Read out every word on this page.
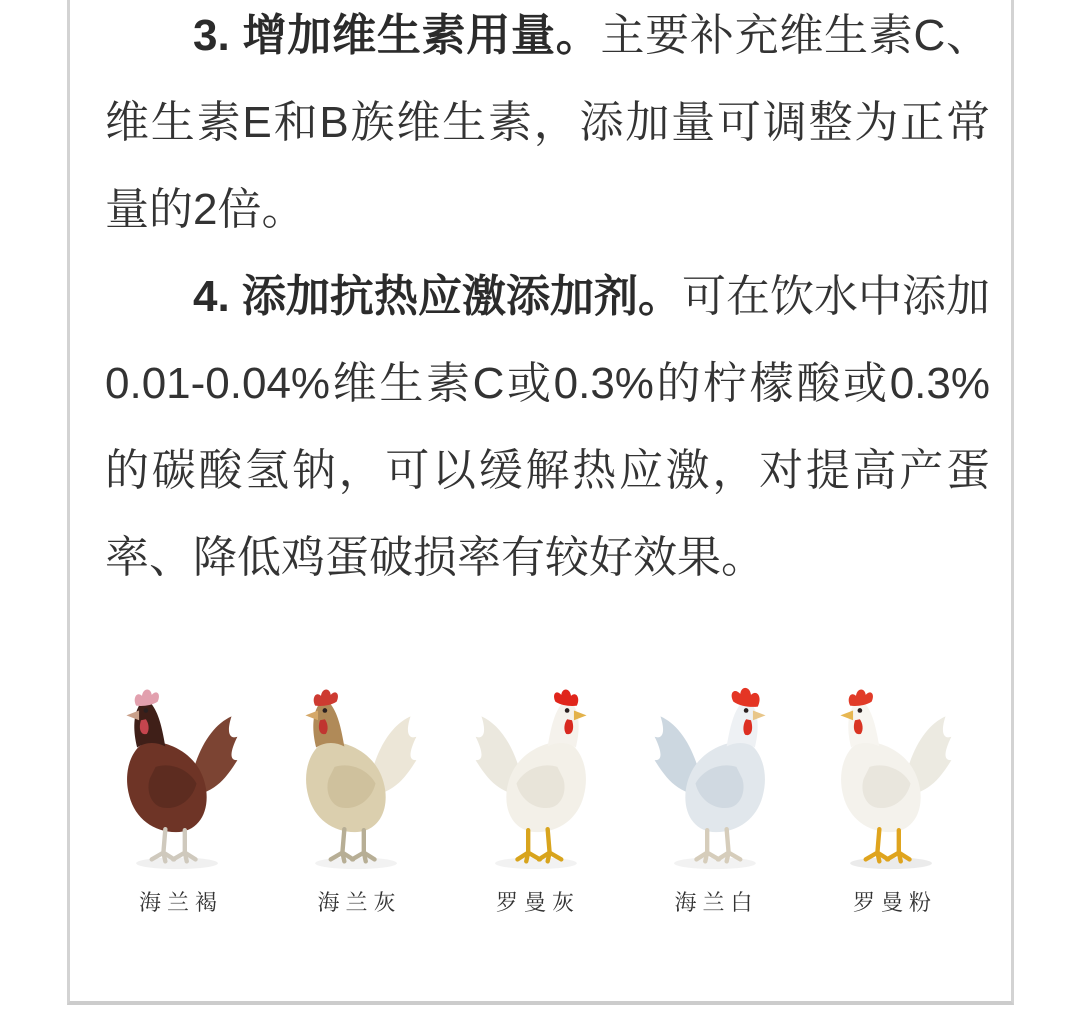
3. 增加维生素用量。主要补充维生素C、维生素E和B族维生素，添加量可调整为正常量的2倍。

4. 添加抗热应激添加剂。可在饮水中添加0.01-0.04%维生素C或0.3%的柠檬酸或0.3%的碳酸氢钠，可以缓解热应激，对提高产蛋率、降低鸡蛋破损率有较好效果。

海兰褐	海兰灰	罗曼灰	海兰白	罗曼粉
